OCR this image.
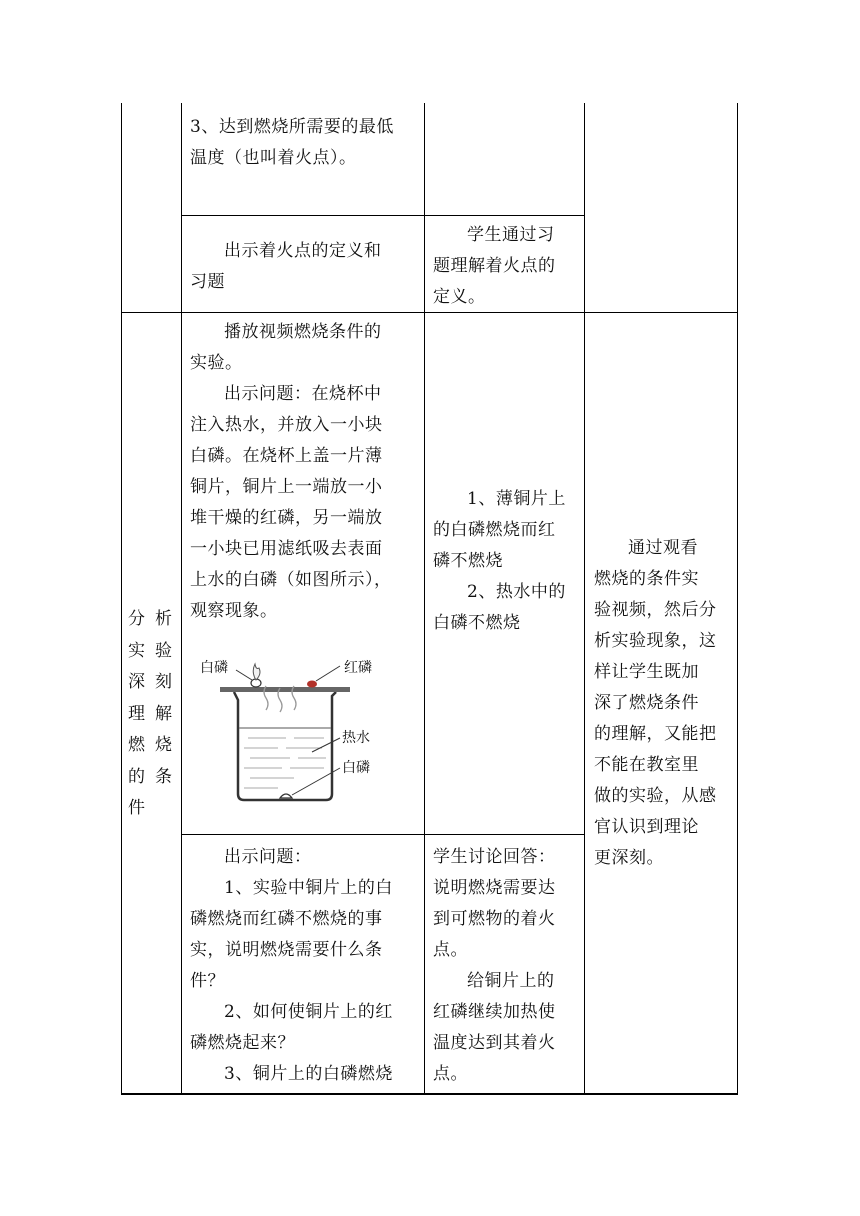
3、达到燃烧所需要的最低

温度（也叫着火点）。

出示着火点的定义和

习题

学生通过习

题理解着火点的

定义。

分析

实验

深刻

理解

燃烧

的条

件

播放视频燃烧条件的

实验。

出示问题：在烧杯中

注入热水，并放入一小块

白磷。在烧杯上盖一片薄

铜片，铜片上一端放一小

堆干燥的红磷，另一端放

一小块已用滤纸吸去表面

上水的白磷（如图所示），

观察现象。

白磷	红磷
热水
白磷

1、薄铜片上

的白磷燃烧而红

磷不燃烧

2、热水中的

白磷不燃烧

通过观看

燃烧的条件实

验视频，然后分

析实验现象，这

样让学生既加

深了燃烧条件

的理解，又能把

不能在教室里

做的实验，从感

官认识到理论

更深刻。

出示问题：

1、实验中铜片上的白

磷燃烧而红磷不燃烧的事

实，说明燃烧需要什么条

件？

2、如何使铜片上的红

磷燃烧起来？

3、铜片上的白磷燃烧

学生讨论回答：

说明燃烧需要达

到可燃物的着火

点。

给铜片上的

红磷继续加热使

温度达到其着火

点。
